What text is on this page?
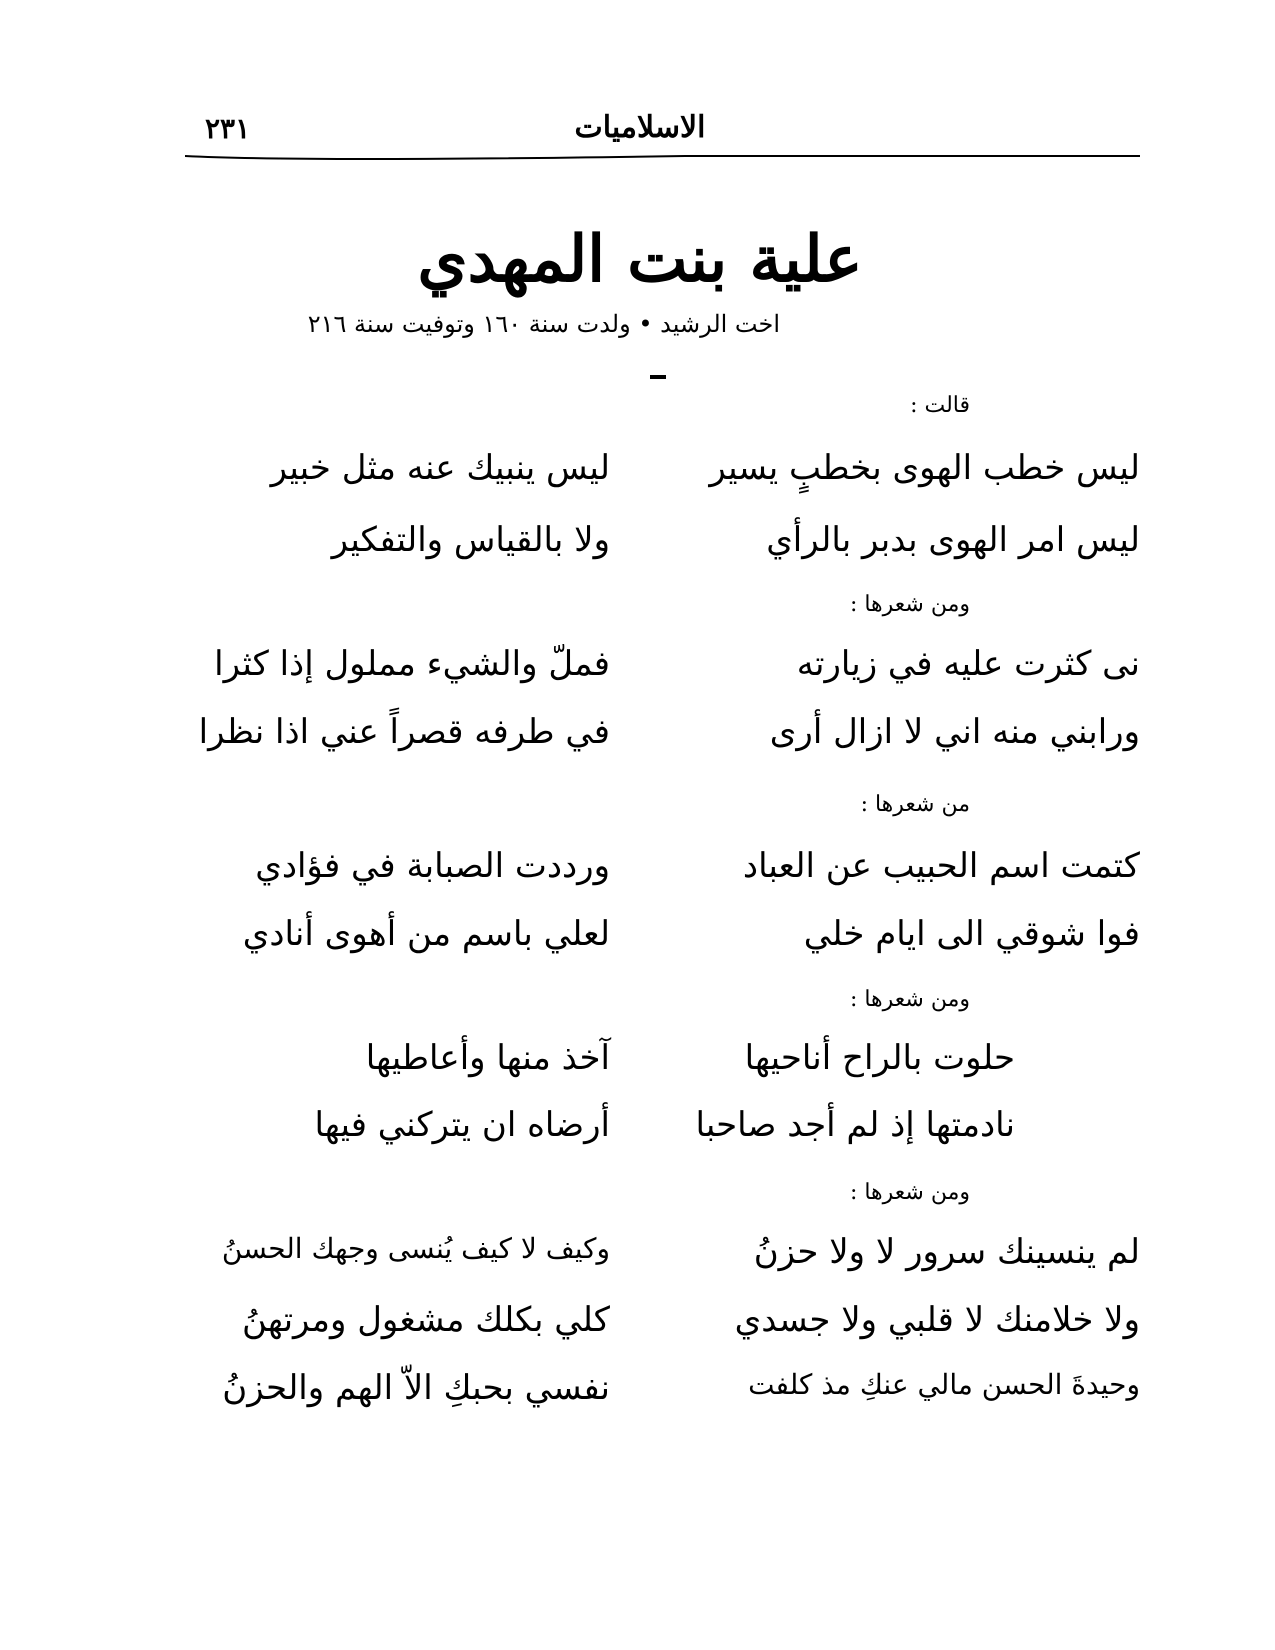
الاسلاميات
٢٣١
علية بنت المهدي
اخت الرشيد • ولدت سنة ١٦٠ وتوفيت سنة ٢١٦
قالت :
ليس خطب الهوى بخطبٍ يسير
ليس ينبيك عنه مثل خبير
ليس امر الهوى بدبر بالرأي
ولا بالقياس والتفكير
ومن شعرها :
نى كثرت عليه في زيارته
فملّ والشيء مملول إذا كثرا
ورابني منه اني لا ازال أرى
في طرفه قصراً عني اذا نظرا
من شعرها :
كتمت اسم الحبيب عن العباد
ورددت الصبابة في فؤادي
فوا شوقي الى ايام خلي
لعلي باسم من أهوى أنادي
ومن شعرها :
حلوت بالراح أناحيها
آخذ منها وأعاطيها
نادمتها إذ لم أجد صاحبا
أرضاه ان يتركني فيها
ومن شعرها :
لم ينسينك سرور لا ولا حزنُ
وكيف لا كيف يُنسى وجهك الحسنُ
ولا خلامنك لا قلبي ولا جسدي
كلي بكلك مشغول ومرتهنُ
وحيدةَ الحسن مالي عنكِ مذ كلفت
نفسي بحبكِ الاّ الهم والحزنُ
